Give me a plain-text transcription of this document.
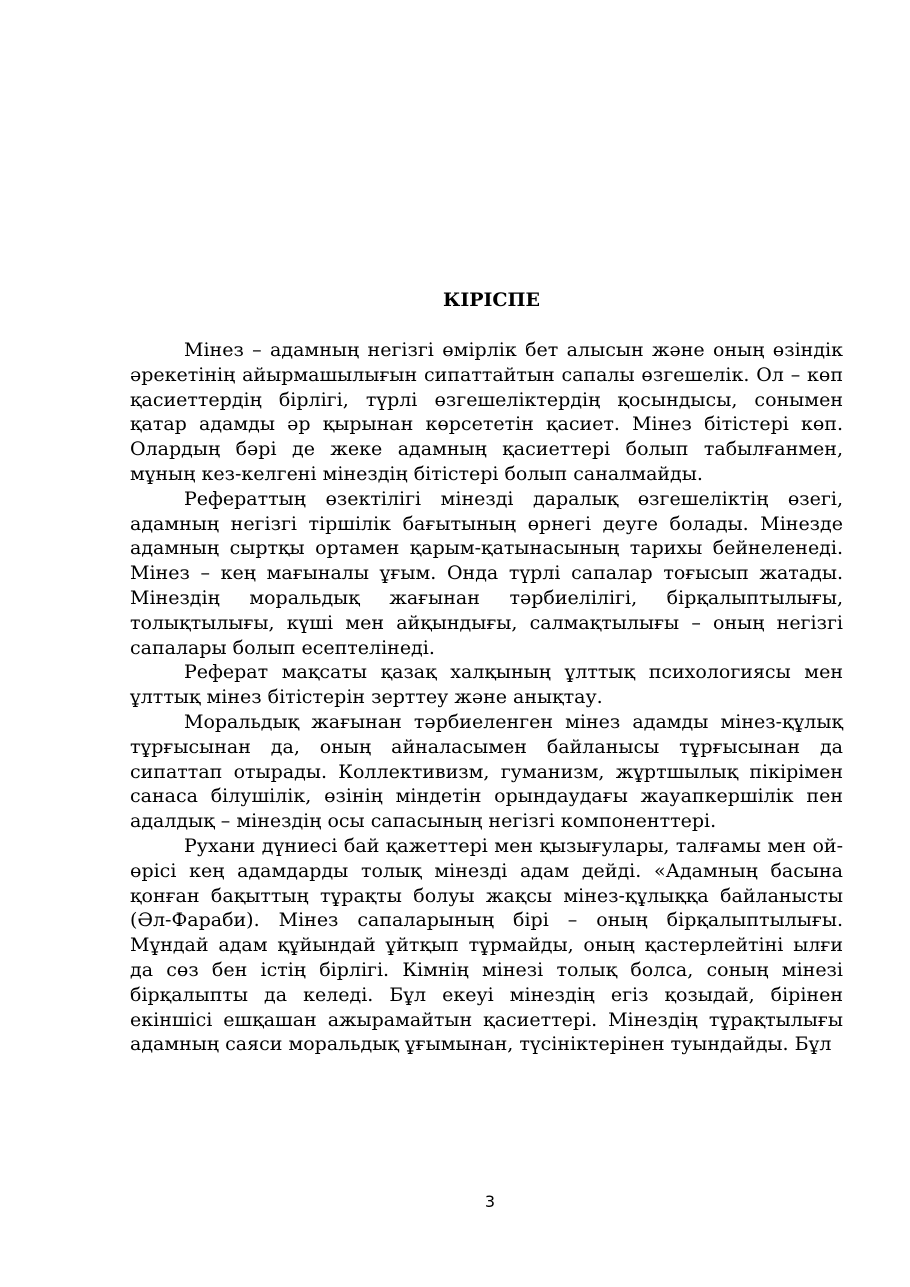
КІРІСПЕ

Мінез – адамның негізгі өмірлік бет алысын және оның өзіндік әрекетінің айырмашылығын сипаттайтын сапалы өзгешелік. Ол – көп қасиеттердің бірлігі, түрлі өзгешеліктердің қосындысы, сонымен қатар адамды әр қырынан көрсететін қасиет. Мінез бітістері көп. Олардың бәрі де жеке адамның қасиеттері болып табылғанмен, мұның кез-келгені мінездің бітістері болып саналмайды.

Рефераттың өзектілігі мінезді даралық өзгешеліктің өзегі, адамның негізгі тіршілік бағытының өрнегі деуге болады. Мінезде адамның сыртқы ортамен қарым-қатынасының тарихы бейнеленеді. Мінез – кең мағыналы ұғым. Онда түрлі сапалар тоғысып жатады. Мінездің моральдық жағынан тәрбиелілігі, бірқалыптылығы, толықтылығы, күші мен айқындығы, салмақтылығы – оның негізгі сапалары болып есептелінеді.

Реферат мақсаты қазақ халқының ұлттық психологиясы мен ұлттық мінез бітістерін зерттеу және анықтау.

Моральдық жағынан тәрбиеленген мінез адамды мінез-құлық тұрғысынан да, оның айналасымен байланысы тұрғысынан да сипаттап отырады. Коллективизм, гуманизм, жұртшылық пікірімен санаса білушілік, өзінің міндетін орындаудағы жауапкершілік пен адалдық – мінездің осы сапасының негізгі компоненттері.

Рухани дүниесі бай қажеттері мен қызығулары, талғамы мен ой-өрісі кең адамдарды толық мінезді адам дейді. «Адамның басына қонған бақыттың тұрақты болуы жақсы мінез-құлыққа байланысты (Әл-Фараби). Мінез сапаларының бірі – оның бірқалыптылығы. Мұндай адам құйындай ұйтқып тұрмайды, оның қастерлейтіні ылғи да сөз бен істің бірлігі. Кімнің мінезі толық болса, соның мінезі бірқалыпты да келеді. Бұл екеуі мінездің егіз қозыдай, бірінен екіншісі ешқашан ажырамайтын қасиеттері. Мінездің тұрақтылығы адамның саяси моральдық ұғымынан, түсініктерінен туындайды. Бұл

3
